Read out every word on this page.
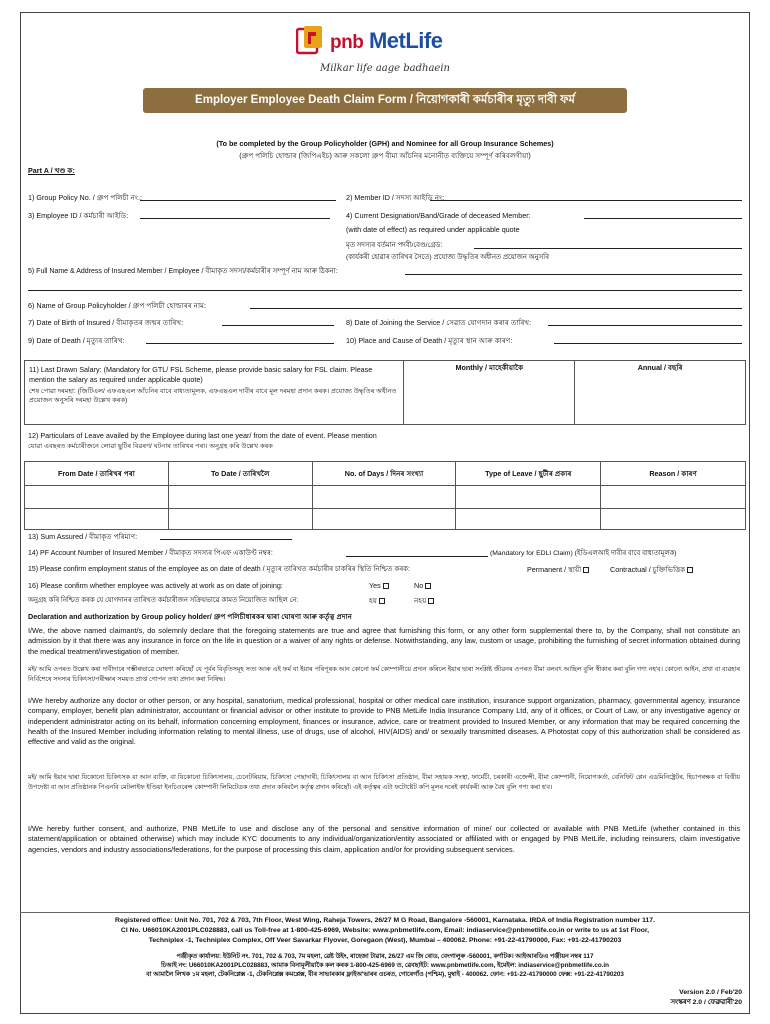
pnb MetLife
Milkar life aage badhaein
Employer Employee Death Claim Form / নিয়োগকাৰী কৰ্মচাৰীৰ মৃত্যু দাবী ফৰ্ম
(To be completed by the Group Policyholder (GPH) and Nominee for all Group Insurance Schemes)
(গ্ৰুপ পলিচি হোল্ডাৰ (জিপিএইচ) আৰু সকলো গ্ৰুপ বীমা আঁচনিৰ মনোনীত ব্যক্তিয়ে সম্পূৰ্ণ কৰিবলগীয়া)
Part A / খণ্ড ক:
1) Group Policy No. / গ্ৰুপ পলিচী নং.:	2) Member ID / সদস্য আইডি নং:
3) Employee ID / কৰ্মচাৰী আইডি:	4) Current Designation/Band/Grade of deceased Member:
(with date of effect) as required under applicable quote
মৃত সদস্যৰ বৰ্তমান পদবী/বেণ্ড/গ্ৰেড:
(কাৰ্যকৰী হোৱাৰ তাৰিখৰ সৈতে) প্ৰযোজ্য উদ্ধৃতিৰ অধীনত প্ৰয়োজন অনুসৰি
5) Full Name & Address of Insured Member / Employee / বীমাকৃত সদস্য/কৰ্মচাৰীৰ সম্পূৰ্ণ নাম আৰু ঠিকনা:
6) Name of Group Policyholder / গ্ৰুপ পলিচী হোল্ডাৰৰ নাম:
7) Date of Birth of Insured / বীমাকৃতৰ জন্মৰ তাৰিখ:	8) Date of Joining the Service / সেৱাত যোগদান কৰাৰ তাৰিখ:
9) Date of Death / মৃত্যুৰ তাৰিখ:	10) Place and Cause of Death / মৃত্যুৰ স্থান আৰু কাৰণ:
11) Last Drawn Salary: (Mandatory for GTL/ FSL Scheme, please provide basic salary for FSL claim. Please mention the salary as required under applicable quote)
শেষ পোৱা দৰমহা: (জিটিএল/ এফএছএল আঁচনিৰ বাবে বাধ্যতামূলক, এফএছএল দাবীৰ বাবে মূল দৰমহা প্ৰদান কৰক। প্ৰযোজ্য উদ্ধৃতিৰ অধীনত প্ৰয়োজন অনুসৰি দৰমহা উল্লেখ কৰক)
	Monthly / মাহেকীয়াকৈ	Annual / বছৰি
12) Particulars of Leave availed by the Employee during last one year/ from the date of event. Please mention
যোৱা এবছৰত কৰ্মচাৰীজনে লোৱা ছুটিৰ বিৱৰণ/ ঘটনাৰ তাৰিখৰ পৰা। অনুগ্ৰহ কৰি উল্লেখ কৰক
From Date / তাৰিখৰ পৰা	To Date / তাৰিখলৈ	No. of Days / দিনৰ সংখ্যা	Type of Leave / ছুটীৰ প্ৰকাৰ	Reason / কাৰণ

13) Sum Assured / বীমাকৃত পৰিমাণ:
14) PF Account Number of Insured Member / বীমাকৃত সদস্যৰ পিএফ একাউণ্ট নম্বৰ:	(Mandatory for EDLI Claim) (ইডিএলআই দাবীৰ বাবে বাধ্যতামূলক)
15) Please confirm employment status of the employee as on date of death / মৃত্যুৰ তাৰিখত কৰ্মচাৰীৰ চাকৰিৰ স্থিতি নিশ্চিত কৰক:	Permanent / স্থায়ী	Contractual / চুক্তিভিত্তিক
16) Please confirm whether employee was actively at work as on date of joining:	Yes	No
অনুগ্ৰহ কৰি নিশ্চিত কৰক যে যোগদানৰ তাৰিখত কৰ্মচাৰীজন সক্ৰিয়ভাৱে কামত নিয়োজিত আছিল নে:	হয়	নহয়
Declaration and authorization by Group policy holder/ গ্ৰুপ পলিচীধাৰকৰ দ্বাৰা ঘোষণা আৰু কৰ্তৃত্ব প্ৰদান
I/We, the above named claimant/s, do solemnly declare that the foregoing statements are true and agree that furnishing this form, or any other form supplemental there to, by the Company, shall not constitute an admission by it that there was any insurance in force on the life in question or a waiver of any rights or defense. Notwithstanding, any law, custom or usage, prohibiting the furnishing of secret information obtained during the medical treatment/investigation of member.
মই/ আমি ওপৰত উল্লেখ কৰা দাবীদাৰে গম্ভীৰভাৱে ঘোষণা কৰিছোঁ যে পূৰ্বৰ বিবৃতিসমূহ সত্য আৰু এই ফৰ্ম বা ইয়াৰ পৰিপূৰক আন কোনো ফৰ্ম কোম্পানীয়ে প্ৰদান কৰিলে ইয়াৰ দ্বাৰা সংশ্লিষ্ট জীৱনৰ ওপৰত বীমা বলবৎ আছিল বুলি স্বীকাৰ কৰা বুলি গণ্য নহ'ব। কোনো আইন, প্ৰথা বা ব্যৱহাৰ নিৰ্বিশেষে সদস্যৰ চিকিৎসা/পৰীক্ষাৰ সময়ত প্ৰাপ্ত গোপন তথ্য প্ৰদান কৰা নিষিদ্ধ।
I/We hereby authorize any doctor or other person, or any hospital, sanatorium, medical professional, hospital or other medical care institution, insurance support organization, pharmacy, governmental agency, insurance company, employer, benefit plan administrator, accountant or financial advisor or other institute to provide to PNB MetLife India Insurance Company Ltd, any of it offices, or Court of Law, or any investigative agency or independent administrator acting on its behalf, information concerning employment, finances or insurance, advice, care or treatment provided to Insured Member, or any information that may be required concerning the health of the Insured Member including information relating to mental illness, use of drugs, use of alcohol, HIV(AIDS) and/ or sexually transmitted diseases. A Photostat copy of this authorization shall be considered as effective and valid as the original.
মই/ আমি ইয়াৰ দ্বাৰা যিকোনো চিকিৎসক বা আন ব্যক্তি, বা যিকোনো চিকিৎসালয়, চেনেটৰিয়াম, চিকিৎসা পেছাদাৰী, চিকিৎসালয় বা আন চিকিৎসা প্ৰতিষ্ঠান, বীমা সহায়ক সংস্থা, ফাৰ্মেচী, চৰকাৰী এজেন্সী, বীমা কোম্পানী, নিয়োগকৰ্তা, বেনিফিট প্লেন এডমিনিষ্ট্ৰেটৰ, হিচাপৰক্ষক বা বিত্তীয় উপদেষ্টা বা আন প্ৰতিষ্ঠানক পিএনবি মেটলাইফ ইণ্ডিয়া ইনচিওৰেন্স কোম্পানী লিমিটেডক তথ্য প্ৰদান কৰিবলৈ কৰ্তৃত্ব প্ৰদান কৰিছোঁ। এই কৰ্তৃত্বৰ এটা ফটোষ্টেট কপি মূলৰ দৰেই কাৰ্যকৰী আৰু বৈধ বুলি গণ্য কৰা হ'ব।
I/We hereby further consent, and authorize, PNB MetLife to use and disclose any of the personal and sensitive information of mine/ our collected or available with PNB MetLife (whether contained in this statement/application or obtained otherwise) which may include KYC documents to any individual/organization/entity associated or affiliated with or engaged by PNB MetLife, including reinsurers, claim investigative agencies, vendors and industry associations/federations, for the purpose of processing this claim, application and/or for providing subsequent services.
Registered office: Unit No. 701, 702 & 703, 7th Floor, West Wing, Raheja Towers, 26/27 M G Road, Bangalore -560001, Karnataka. IRDA of India Registration number 117.
CI No. U66010KA2001PLC028883, call us Toll-free at 1-800-425-6969, Website: www.pnbmetlife.com, Email: indiaservice@pnbmetlife.co.in or write to us at 1st Floor,
Techniplex -1, Techniplex Complex, Off Veer Savarkar Flyover, Goregaon (West), Mumbai – 400062. Phone: +91-22-41790000, Fax: +91-22-41790203
পঞ্জীকৃত কাৰ্যালয়: ইউনিট নং. 701, 702 & 703, 7ম মহলা, ৱেষ্ট উইং, ৰাহেজা টাৱাৰ, 26/27 এম জি ৰোড, বেংগালুৰু -560001, কৰ্ণাটক। আইআৰডিএ পঞ্জীয়ন নম্বৰ 117
চিআই নং: U66010KA2001PLC028883, আমাক বিনামূলীয়াকৈ কল কৰক 1-800-425-6969 ত, ৱেবছাইট: www.pnbmetlife.com, ইমেইল: indiaservice@pnbmetlife.co.in
বা আমালৈ লিখক ১ম মহলা, টেকনিপ্লেক্স -1, টেকনিপ্লেক্স কমপ্লেক্স, বীৰ সাভাৰকাৰ ফ্লাইঅ'ভাৰৰ ওচৰত, গোৰেগাঁও (পশ্চিম), মুম্বাই - 400062. ফোন: +91-22-41790000 ফেক্স: +91-22-41790203
Version 2.0 / Feb'20
সংস্কৰণ 2.0 / ফেব্ৰুৱাৰী'20
